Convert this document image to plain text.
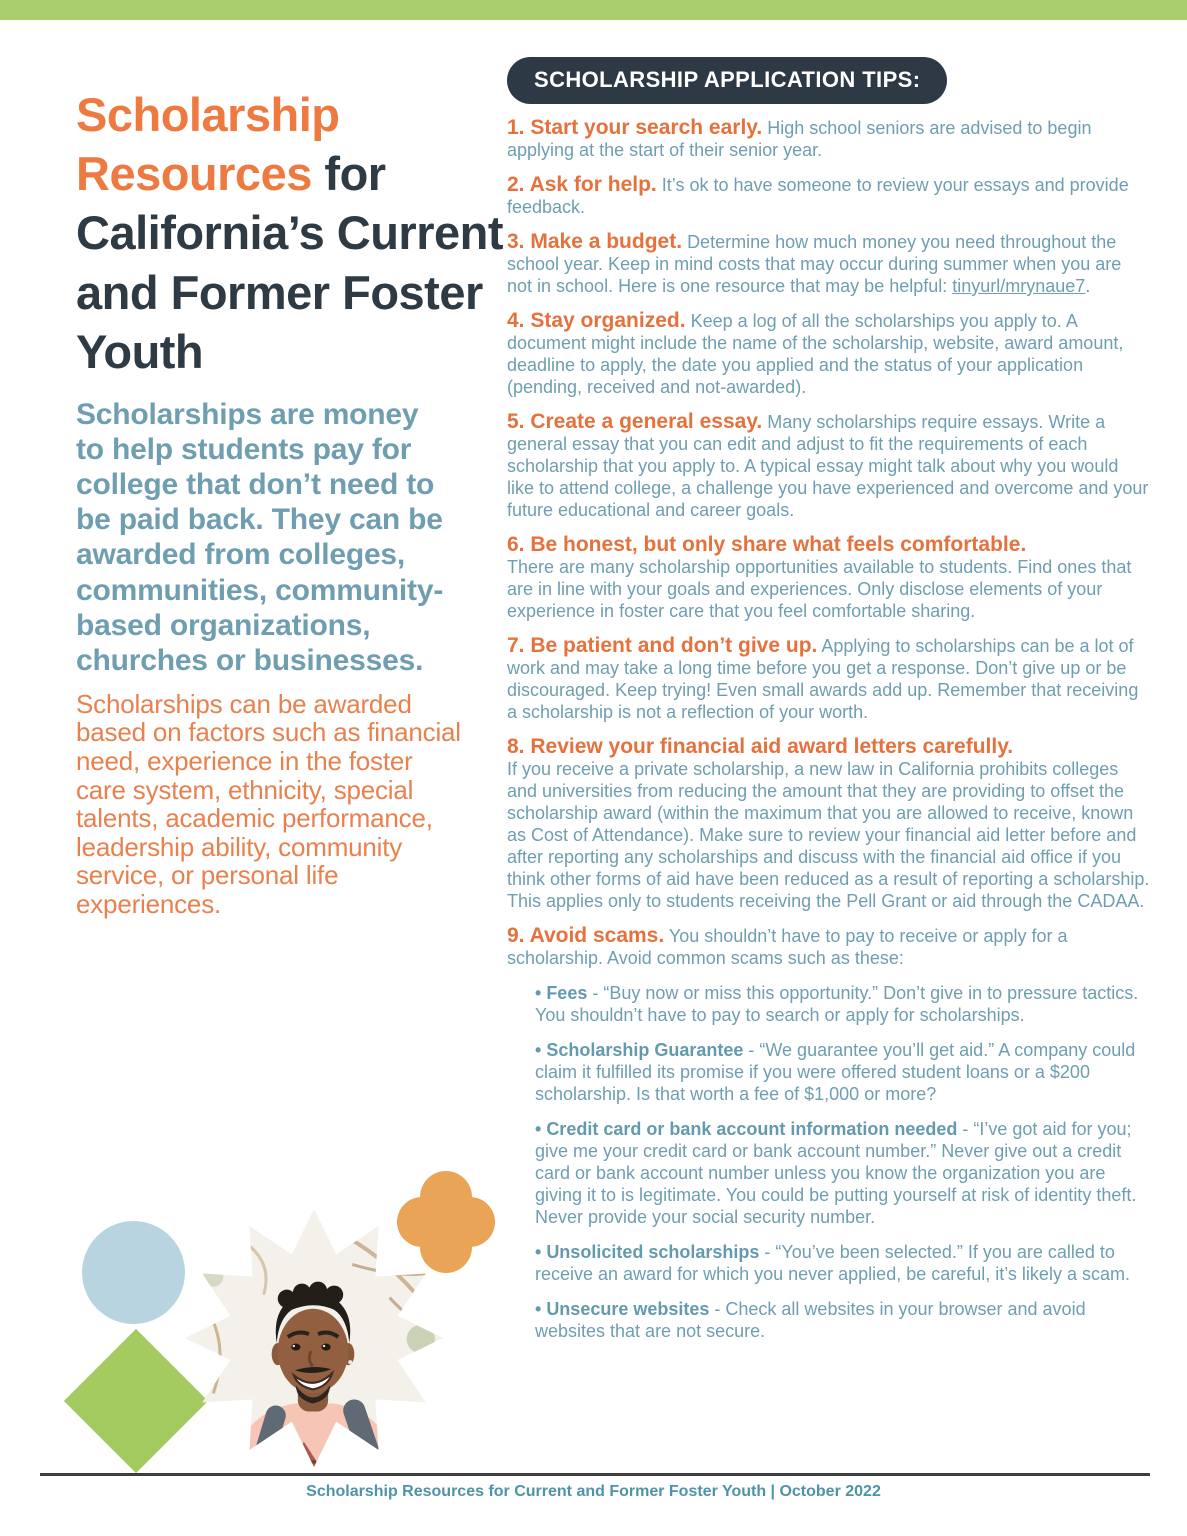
Scholarship Resources for California’s Current and Former Foster Youth

Scholarships are money to help students pay for college that don’t need to be paid back. They can be awarded from colleges, communities, community-based organizations, churches or businesses.

Scholarships can be awarded based on factors such as financial need, experience in the foster care system, ethnicity, special talents, academic performance, leadership ability, community service, or personal life experiences.

SCHOLARSHIP APPLICATION TIPS:
1. Start your search early. High school seniors are advised to begin applying at the start of their senior year.
2. Ask for help. It’s ok to have someone to review your essays and provide feedback.
3. Make a budget. Determine how much money you need throughout the school year. Keep in mind costs that may occur during summer when you are not in school. Here is one resource that may be helpful: tinyurl/mrynaue7.
4. Stay organized. Keep a log of all the scholarships you apply to. A document might include the name of the scholarship, website, award amount, deadline to apply, the date you applied and the status of your application (pending, received and not-awarded).
5. Create a general essay. Many scholarships require essays. Write a general essay that you can edit and adjust to fit the requirements of each scholarship that you apply to. A typical essay might talk about why you would like to attend college, a challenge you have experienced and overcome and your future educational and career goals.
6. Be honest, but only share what feels comfortable.
There are many scholarship opportunities available to students. Find ones that are in line with your goals and experiences. Only disclose elements of your experience in foster care that you feel comfortable sharing.
7. Be patient and don’t give up. Applying to scholarships can be a lot of work and may take a long time before you get a response. Don’t give up or be discouraged. Keep trying! Even small awards add up. Remember that receiving a scholarship is not a reflection of your worth.
8. Review your financial aid award letters carefully.
If you receive a private scholarship, a new law in California prohibits colleges and universities from reducing the amount that they are providing to offset the scholarship award (within the maximum that you are allowed to receive, known as Cost of Attendance). Make sure to review your financial aid letter before and after reporting any scholarships and discuss with the financial aid office if you think other forms of aid have been reduced as a result of reporting a scholarship. This applies only to students receiving the Pell Grant or aid through the CADAA.
9. Avoid scams. You shouldn’t have to pay to receive or apply for a scholarship. Avoid common scams such as these:
• Fees - “Buy now or miss this opportunity.” Don’t give in to pressure tactics. You shouldn’t have to pay to search or apply for scholarships.
• Scholarship Guarantee - “We guarantee you’ll get aid.” A company could claim it fulfilled its promise if you were offered student loans or a $200 scholarship. Is that worth a fee of $1,000 or more?
• Credit card or bank account information needed - “I’ve got aid for you; give me your credit card or bank account number.” Never give out a credit card or bank account number unless you know the organization you are giving it to is legitimate. You could be putting yourself at risk of identity theft. Never provide your social security number.
• Unsolicited scholarships - “You’ve been selected.” If you are called to receive an award for which you never applied, be careful, it’s likely a scam.
• Unsecure websites - Check all websites in your browser and avoid websites that are not secure.
Scholarship Resources for Current and Former Foster Youth | October 2022
